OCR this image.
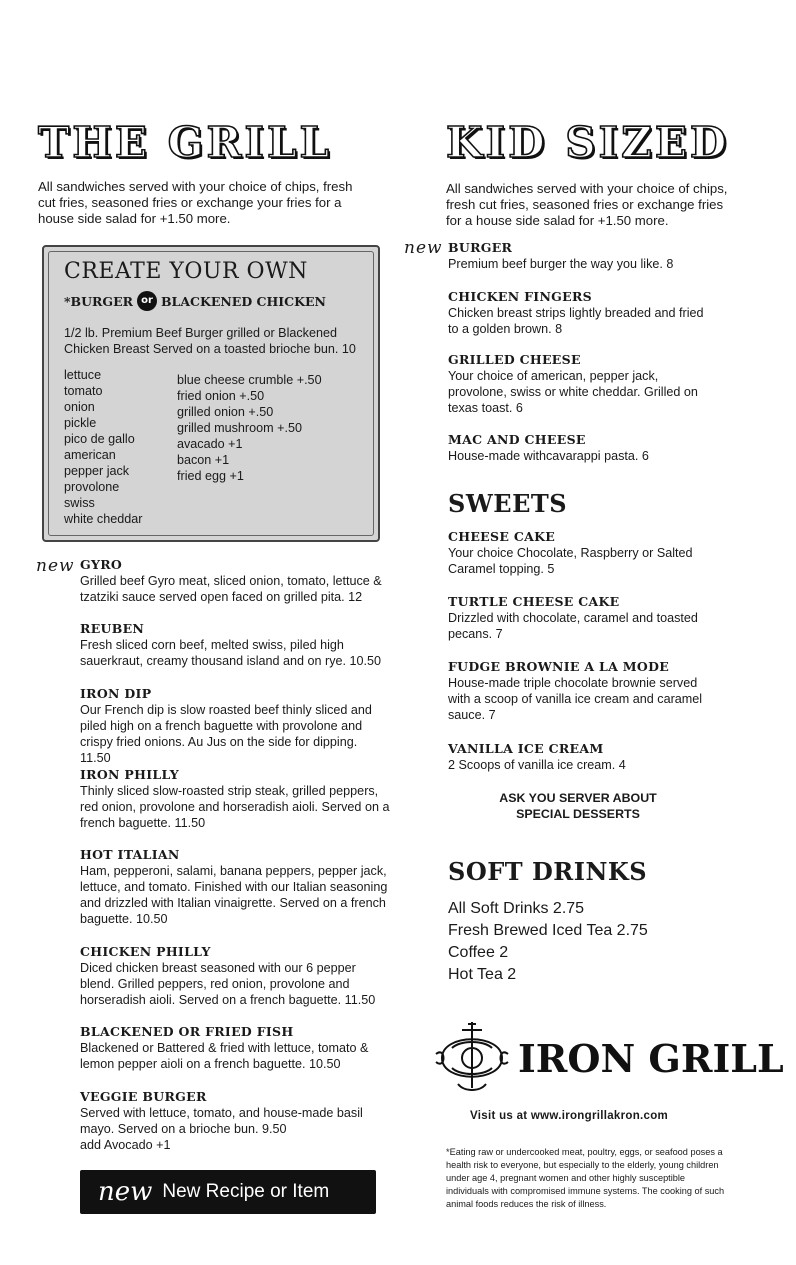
THE GRILL

All sandwiches served with your choice of chips, fresh cut fries, seasoned fries or exchange your fries for a house side salad for +1.50 more.

CREATE YOUR OWN
*BURGER or BLACKENED CHICKEN

1/2 lb. Premium Beef Burger grilled or Blackened Chicken Breast Served on a toasted brioche bun. 10

lettuce
tomato
onion
pickle
pico de gallo
american
pepper jack
provolone
swiss
white cheddar
blue cheese crumble +.50
fried onion +.50
grilled onion +.50
grilled mushroom +.50
avacado +1
bacon +1
fried egg +1
new GYRO
Grilled beef Gyro meat, sliced onion, tomato, lettuce & tzatziki sauce served open faced on grilled pita. 12
REUBEN
Fresh sliced corn beef, melted swiss, piled high sauerkraut, creamy thousand island and on rye. 10.50
IRON DIP
Our French dip is slow roasted beef thinly sliced and piled high on a french baguette with provolone and crispy fried onions. Au Jus on the side for dipping. 11.50
IRON PHILLY
Thinly sliced slow-roasted strip steak, grilled peppers, red onion, provolone and horseradish aioli. Served on a french baguette. 11.50
HOT ITALIAN
Ham, pepperoni, salami, banana peppers, pepper jack, lettuce, and tomato. Finished with our Italian seasoning and drizzled with Italian vinaigrette. Served on a french baguette. 10.50
CHICKEN PHILLY
Diced chicken breast seasoned with our 6 pepper blend. Grilled peppers, red onion, provolone and horseradish aioli. Served on a french baguette. 11.50
BLACKENED OR FRIED FISH
Blackened or Battered & fried with lettuce, tomato & lemon pepper aioli on a french baguette. 10.50
VEGGIE BURGER
Served with lettuce, tomato, and house-made basil mayo. Served on a brioche bun. 9.50
add Avocado +1
new New Recipe or Item
KID SIZED

All sandwiches served with your choice of chips, fresh cut fries, seasoned fries or exchange fries for a house side salad for +1.50 more.

new BURGER
Premium beef burger the way you like. 8
CHICKEN FINGERS
Chicken breast strips lightly breaded and fried to a golden brown. 8
GRILLED CHEESE
Your choice of american, pepper jack, provolone, swiss or white cheddar. Grilled on texas toast. 6
MAC AND CHEESE
House-made withcavarappi pasta. 6
SWEETS
CHEESE CAKE
Your choice Chocolate, Raspberry or Salted Caramel topping. 5
TURTLE CHEESE CAKE
Drizzled with chocolate, caramel and toasted pecans. 7
FUDGE BROWNIE A LA MODE
House-made triple chocolate brownie served with a scoop of vanilla ice cream and caramel sauce. 7
VANILLA ICE CREAM
2 Scoops of vanilla ice cream. 4
ASK YOU SERVER ABOUT
SPECIAL DESSERTS
SOFT DRINKS
All Soft Drinks 2.75
Fresh Brewed Iced Tea 2.75
Coffee 2
Hot Tea 2
IRON GRILL
Visit us at www.irongrillakron.com

*Eating raw or undercooked meat, poultry, eggs, or seafood poses a health risk to everyone, but especially to the elderly, young children under age 4, pregnant women and other highly susceptible individuals with compromised immune systems. The cooking of such animal foods reduces the risk of illness.
